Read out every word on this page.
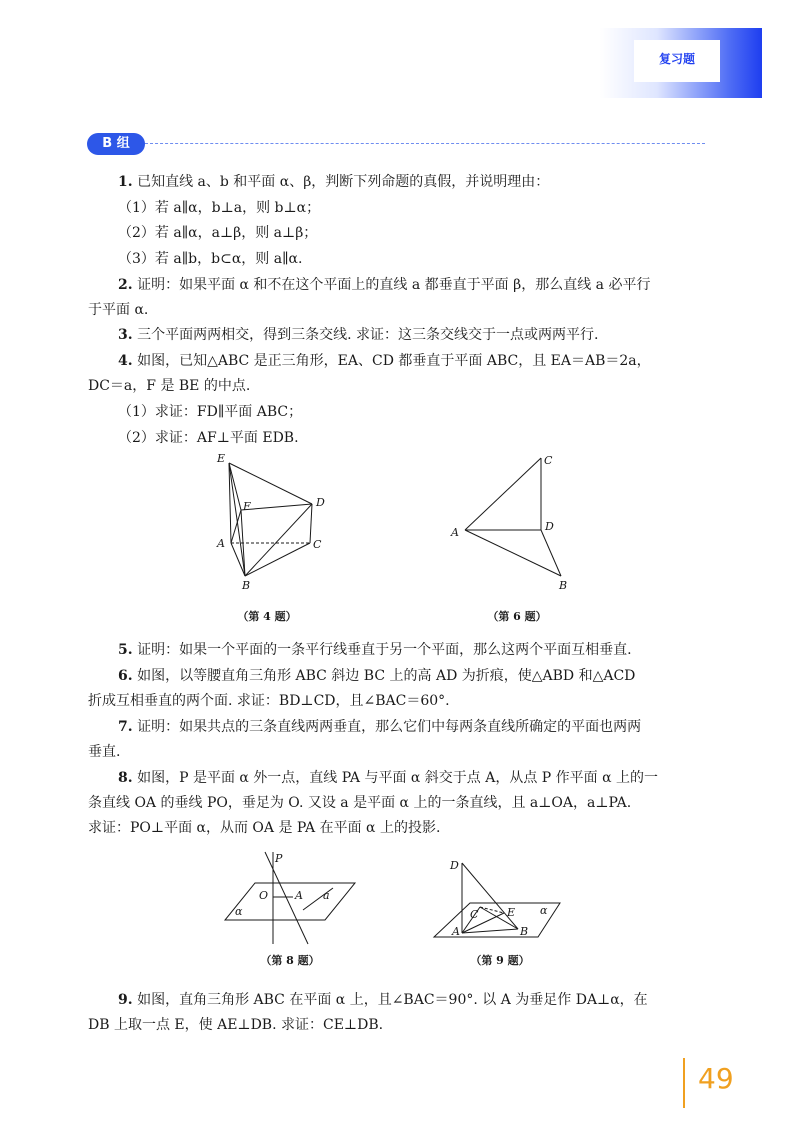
复习题
B 组
1. 已知直线 a、b 和平面 α、β，判断下列命题的真假，并说明理由：
（1）若 a∥α，b⊥a，则 b⊥α；
（2）若 a∥α，a⊥β，则 a⊥β；
（3）若 a∥b，b⊂α，则 a∥α.
2. 证明：如果平面 α 和不在这个平面上的直线 a 都垂直于平面 β，那么直线 a 必平行
于平面 α.
3. 三个平面两两相交，得到三条交线. 求证：这三条交线交于一点或两两平行.
4. 如图，已知△ABC 是正三角形，EA、CD 都垂直于平面 ABC，且 EA＝AB＝2a，
DC＝a，F 是 BE 的中点.
（1）求证：FD∥平面 ABC；
（2）求证：AF⊥平面 EDB.
E
F	D
A	C
B
（第 4 题）
C
D
A
B
（第 6 题）
5. 证明：如果一个平面的一条平行线垂直于另一个平面，那么这两个平面互相垂直.
6. 如图，以等腰直角三角形 ABC 斜边 BC 上的高 AD 为折痕，使△ABD 和△ACD
折成互相垂直的两个面. 求证：BD⊥CD，且∠BAC＝60°.
7. 证明：如果共点的三条直线两两垂直，那么它们中每两条直线所确定的平面也两两
垂直.
8. 如图，P 是平面 α 外一点，直线 PA 与平面 α 斜交于点 A，从点 P 作平面 α 上的一
条直线 OA 的垂线 PO，垂足为 O. 又设 a 是平面 α 上的一条直线，且 a⊥OA，a⊥PA.
求证：PO⊥平面 α，从而 OA 是 PA 在平面 α 上的投影.
P
O A a
α
（第 8 题）
D
C	E α
A	B
（第 9 题）
9. 如图，直角三角形 ABC 在平面 α 上，且∠BAC＝90°. 以 A 为垂足作 DA⊥α，在
DB 上取一点 E，使 AE⊥DB. 求证：CE⊥DB.
49
